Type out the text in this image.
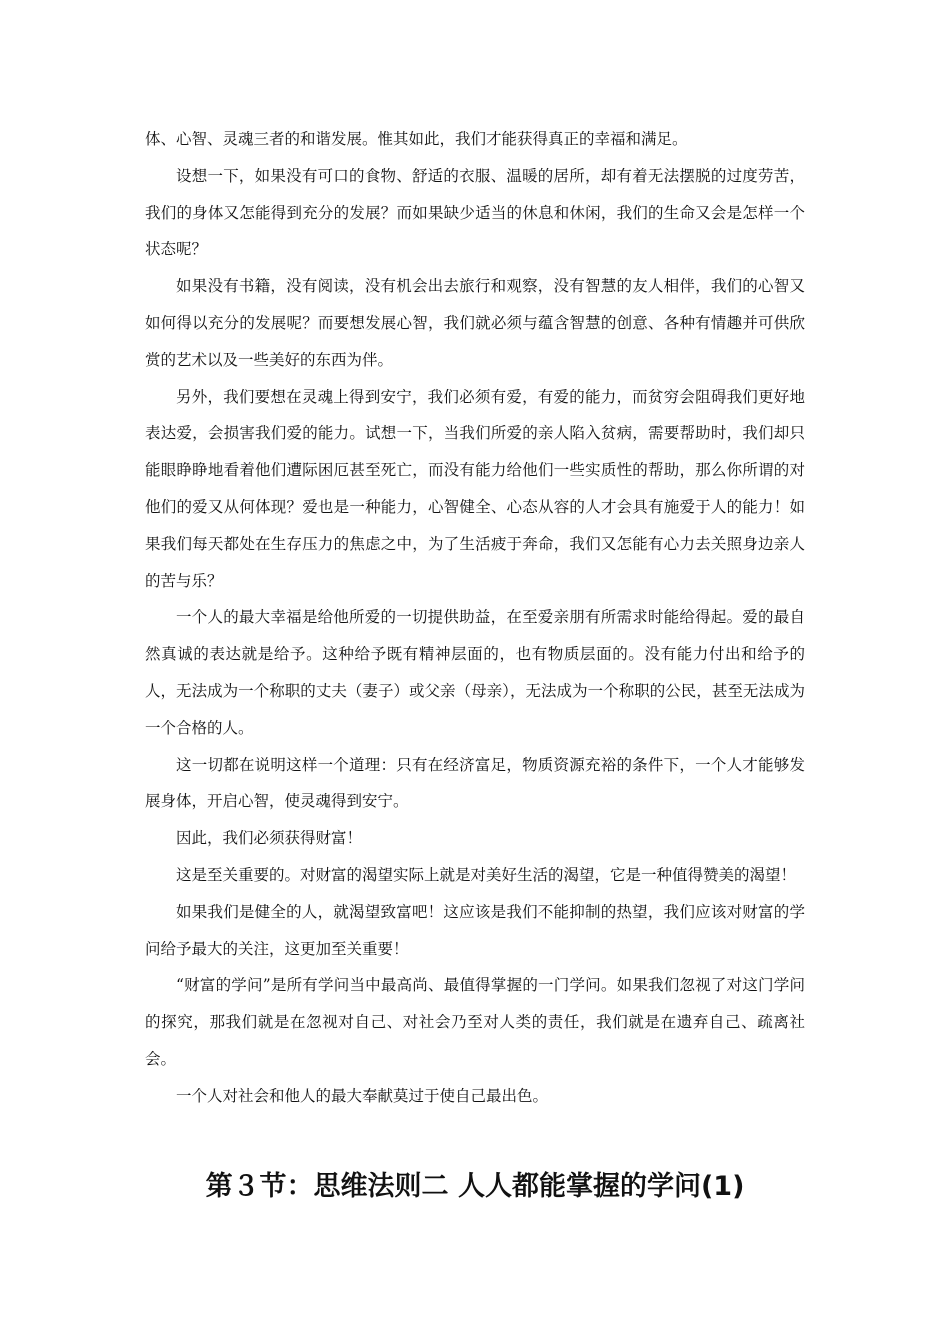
体、心智、灵魂三者的和谐发展。惟其如此，我们才能获得真正的幸福和满足。

设想一下，如果没有可口的食物、舒适的衣服、温暖的居所，却有着无法摆脱的过度劳苦，我们的身体又怎能得到充分的发展？而如果缺少适当的休息和休闲，我们的生命又会是怎样一个状态呢？

如果没有书籍，没有阅读，没有机会出去旅行和观察，没有智慧的友人相伴，我们的心智又如何得以充分的发展呢？而要想发展心智，我们就必须与蕴含智慧的创意、各种有情趣并可供欣赏的艺术以及一些美好的东西为伴。

另外，我们要想在灵魂上得到安宁，我们必须有爱，有爱的能力，而贫穷会阻碍我们更好地表达爱，会损害我们爱的能力。试想一下，当我们所爱的亲人陷入贫病，需要帮助时，我们却只能眼睁睁地看着他们遭际困厄甚至死亡，而没有能力给他们一些实质性的帮助，那么你所谓的对他们的爱又从何体现？爱也是一种能力，心智健全、心态从容的人才会具有施爱于人的能力！如果我们每天都处在生存压力的焦虑之中，为了生活疲于奔命，我们又怎能有心力去关照身边亲人的苦与乐？

一个人的最大幸福是给他所爱的一切提供助益，在至爱亲朋有所需求时能给得起。爱的最自然真诚的表达就是给予。这种给予既有精神层面的，也有物质层面的。没有能力付出和给予的人，无法成为一个称职的丈夫（妻子）或父亲（母亲），无法成为一个称职的公民，甚至无法成为一个合格的人。

这一切都在说明这样一个道理：只有在经济富足，物质资源充裕的条件下，一个人才能够发展身体，开启心智，使灵魂得到安宁。

因此，我们必须获得财富！

这是至关重要的。对财富的渴望实际上就是对美好生活的渴望，它是一种值得赞美的渴望！

如果我们是健全的人，就渴望致富吧！这应该是我们不能抑制的热望，我们应该对财富的学问给予最大的关注，这更加至关重要！

“财富的学问”是所有学问当中最高尚、最值得掌握的一门学问。如果我们忽视了对这门学问的探究，那我们就是在忽视对自己、对社会乃至对人类的责任，我们就是在遗弃自己、疏离社会。

一个人对社会和他人的最大奉献莫过于使自己最出色。

第３节：思维法则二 人人都能掌握的学问(1)
